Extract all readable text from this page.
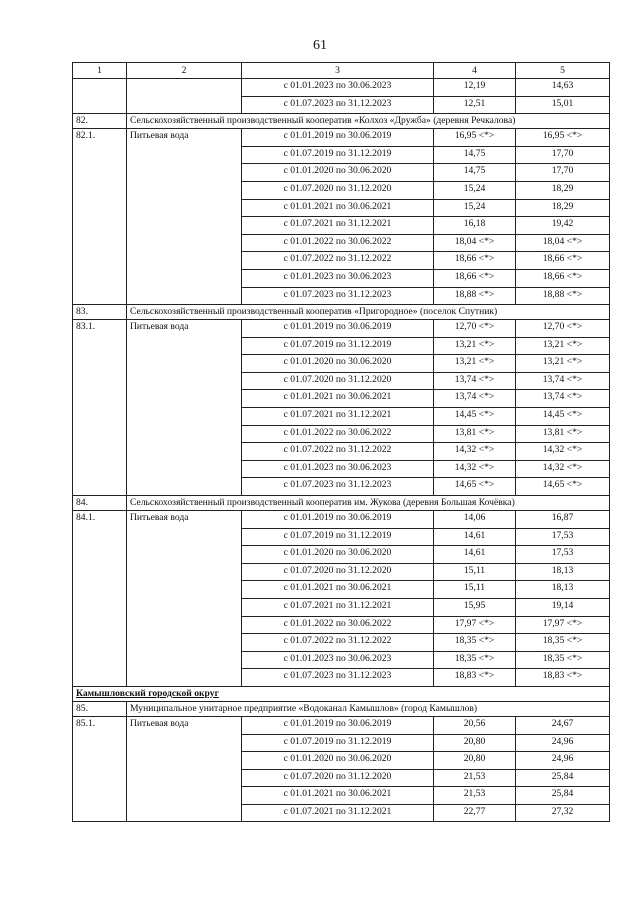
61
1	2	3	4	5
		с 01.01.2023 по 30.06.2023	12,19	14,63
		с 01.07.2023 по 31.12.2023	12,51	15,01
82.	Сельскохозяйственный производственный кооператив «Колхоз «Дружба» (деревня Речкалова)			
82.1.	Питьевая вода	с 01.01.2019 по 30.06.2019	16,95 <*>	16,95 <*>
		с 01.07.2019 по 31.12.2019	14,75	17,70
		с 01.01.2020 по 30.06.2020	14,75	17,70
		с 01.07.2020 по 31.12.2020	15,24	18,29
		с 01.01.2021 по 30.06.2021	15,24	18,29
		с 01.07.2021 по 31.12.2021	16,18	19,42
		с 01.01.2022 по 30.06.2022	18,04 <*>	18,04 <*>
		с 01.07.2022 по 31.12.2022	18,66 <*>	18,66 <*>
		с 01.01.2023 по 30.06.2023	18,66 <*>	18,66 <*>
		с 01.07.2023 по 31.12.2023	18,88 <*>	18,88 <*>
83.	Сельскохозяйственный производственный кооператив «Пригородное» (поселок Спутник)			
83.1.	Питьевая вода	с 01.01.2019 по 30.06.2019	12,70 <*>	12,70 <*>
		с 01.07.2019 по 31.12.2019	13,21 <*>	13,21 <*>
		с 01.01.2020 по 30.06.2020	13,21 <*>	13,21 <*>
		с 01.07.2020 по 31.12.2020	13,74 <*>	13,74 <*>
		с 01.01.2021 по 30.06.2021	13,74 <*>	13,74 <*>
		с 01.07.2021 по 31.12.2021	14,45 <*>	14,45 <*>
		с 01.01.2022 по 30.06.2022	13,81 <*>	13,81 <*>
		с 01.07.2022 по 31.12.2022	14,32 <*>	14,32 <*>
		с 01.01.2023 по 30.06.2023	14,32 <*>	14,32 <*>
		с 01.07.2023 по 31.12.2023	14,65 <*>	14,65 <*>
84.	Сельскохозяйственный производственный кооператив им. Жукова (деревня Большая Кочёвка)			
84.1.	Питьевая вода	с 01.01.2019 по 30.06.2019	14,06	16,87
		с 01.07.2019 по 31.12.2019	14,61	17,53
		с 01.01.2020 по 30.06.2020	14,61	17,53
		с 01.07.2020 по 31.12.2020	15,11	18,13
		с 01.01.2021 по 30.06.2021	15,11	18,13
		с 01.07.2021 по 31.12.2021	15,95	19,14
		с 01.01.2022 по 30.06.2022	17,97 <*>	17,97 <*>
		с 01.07.2022 по 31.12.2022	18,35 <*>	18,35 <*>
		с 01.01.2023 по 30.06.2023	18,35 <*>	18,35 <*>
		с 01.07.2023 по 31.12.2023	18,83 <*>	18,83 <*>
Камышловский городской округ				
85.	Муниципальное унитарное предприятие «Водоканал Камышлов» (город Камышлов)			
85.1.	Питьевая вода	с 01.01.2019 по 30.06.2019	20,56	24,67
		с 01.07.2019 по 31.12.2019	20,80	24,96
		с 01.01.2020 по 30.06.2020	20,80	24,96
		с 01.07.2020 по 31.12.2020	21,53	25,84
		с 01.01.2021 по 30.06.2021	21,53	25,84
		с 01.07.2021 по 31.12.2021	22,77	27,32
